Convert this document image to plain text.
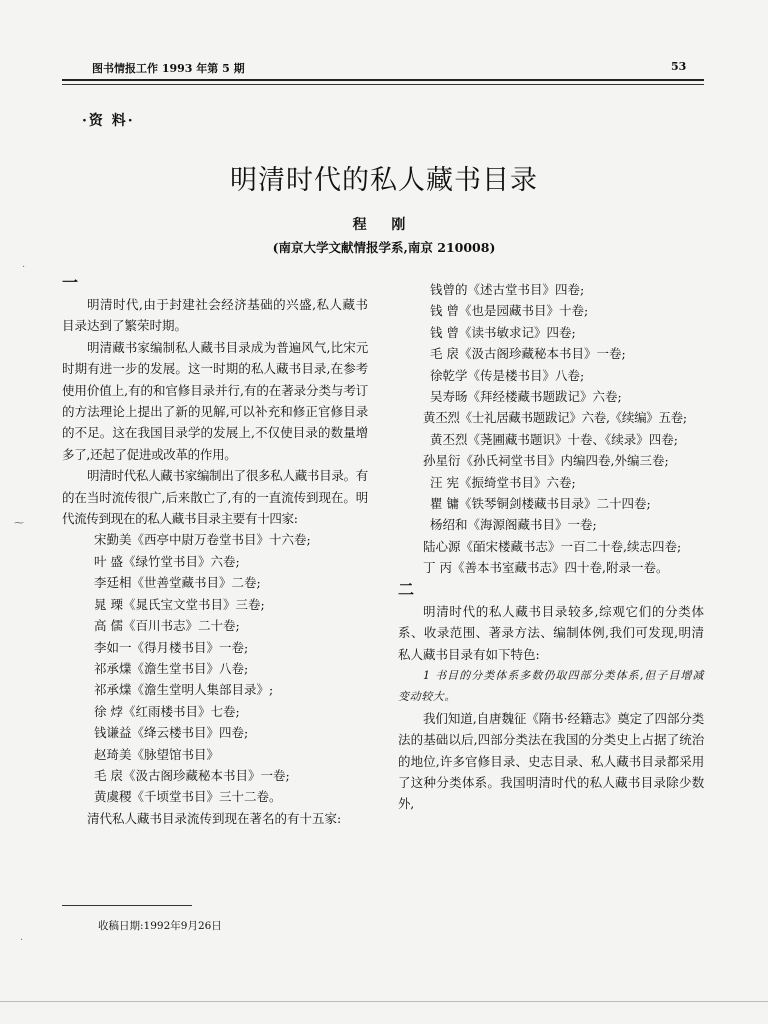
图书情报工作 1993 年第 5 期	53
·资 料·
明清时代的私人藏书目录
程 刚
(南京大学文献情报学系,南京 210008)

一

明清时代,由于封建社会经济基础的兴盛,私人藏书目录达到了繁荣时期。

明清藏书家编制私人藏书目录成为普遍风气,比宋元时期有进一步的发展。这一时期的私人藏书目录,在参考使用价值上,有的和官修目录并行,有的在著录分类与考订的方法理论上提出了新的见解,可以补充和修正官修目录的不足。这在我国目录学的发展上,不仅使目录的数量增多了,还起了促进或改革的作用。

明清时代私人藏书家编制出了很多私人藏书目录。有的在当时流传很广,后来散亡了,有的一直流传到现在。明代流传到现在的私人藏书目录主要有十四家:

宋勤美《西亭中尉万卷堂书目》十六卷;

叶 盛《绿竹堂书目》六卷;

李廷相《世善堂藏书目》二卷;

晁 瑮《晁氏宝文堂书目》三卷;

高 儒《百川书志》二十卷;

李如一《得月楼书目》一卷;

祁承㸁《澹生堂书目》八卷;

祁承㸁《澹生堂明人集部目录》;

徐 㶿《红雨楼书目》七卷;

钱谦益《绛云楼书目》四卷;

赵琦美《脉望馆书目》

毛 扆《汲古阁珍藏秘本书目》一卷;

黄虞稷《千顷堂书目》三十二卷。

清代私人藏书目录流传到现在著名的有十五家:

钱曾的《述古堂书目》四卷;

钱 曾《也是园藏书目》十卷;

钱 曾《读书敏求记》四卷;

毛 扆《汲古阁珍藏秘本书目》一卷;

徐乾学《传是楼书目》八卷;

吴寿旸《拜经楼藏书题跋记》六卷;

黄丕烈《士礼居藏书题跋记》六卷,《续编》五卷;

黄丕烈《荛圃藏书题识》十卷、《续录》四卷;

孙星衍《孙氏祠堂书目》内编四卷,外编三卷;

汪 宪《振绮堂书目》六卷;

瞿 镛《铁琴铜剑楼藏书目录》二十四卷;

杨绍和《海源阁藏书目》一卷;

陆心源《皕宋楼藏书志》一百二十卷,续志四卷;

丁 丙《善本书室藏书志》四十卷,附录一卷。

二

明清时代的私人藏书目录较多,综观它们的分类体系、收录范围、著录方法、编制体例,我们可发现,明清私人藏书目录有如下特色:

1 书目的分类体系多数仍取四部分类体系,但子目增减变动较大。

我们知道,自唐魏征《隋书·经籍志》奠定了四部分类法的基础以后,四部分类法在我国的分类史上占据了统治的地位,许多官修目录、史志目录、私人藏书目录都采用了这种分类体系。我国明清时代的私人藏书目录除少数外,

收稿日期:1992年9月26日
⁓
·
·
